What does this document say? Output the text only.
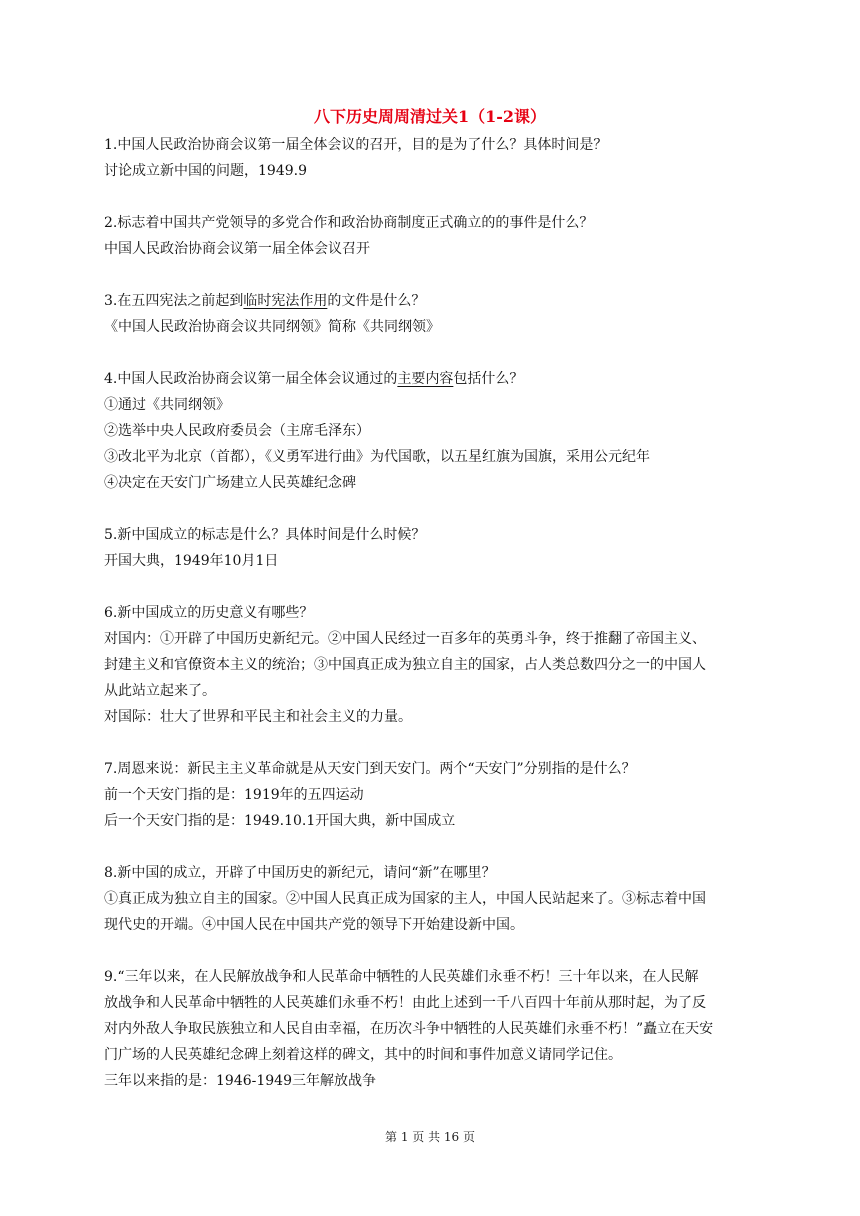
八下历史周周清过关1（1-2课）

1.中国人民政治协商会议第一届全体会议的召开，目的是为了什么？具体时间是？

讨论成立新中国的问题，1949.9

2.标志着中国共产党领导的多党合作和政治协商制度正式确立的的事件是什么？

中国人民政治协商会议第一届全体会议召开

3.在五四宪法之前起到临时宪法作用的文件是什么？

《中国人民政治协商会议共同纲领》简称《共同纲领》

4.中国人民政治协商会议第一届全体会议通过的主要内容包括什么？

①通过《共同纲领》

②选举中央人民政府委员会（主席毛泽东）

③改北平为北京（首都），《义勇军进行曲》为代国歌，以五星红旗为国旗，采用公元纪年

④决定在天安门广场建立人民英雄纪念碑

5.新中国成立的标志是什么？具体时间是什么时候？

开国大典，1949年10月1日

6.新中国成立的历史意义有哪些？

对国内：①开辟了中国历史新纪元。②中国人民经过一百多年的英勇斗争，终于推翻了帝国主义、

封建主义和官僚资本主义的统治；③中国真正成为独立自主的国家，占人类总数四分之一的中国人

从此站立起来了。

对国际：壮大了世界和平民主和社会主义的力量。

7.周恩来说：新民主主义革命就是从天安门到天安门。两个“天安门”分别指的是什么？

前一个天安门指的是：1919年的五四运动

后一个天安门指的是：1949.10.1开国大典，新中国成立

8.新中国的成立，开辟了中国历史的新纪元，请问“新”在哪里？

①真正成为独立自主的国家。②中国人民真正成为国家的主人，中国人民站起来了。③标志着中国

现代史的开端。④中国人民在中国共产党的领导下开始建设新中国。

9.“三年以来，在人民解放战争和人民革命中牺牲的人民英雄们永垂不朽！三十年以来，在人民解

放战争和人民革命中牺牲的人民英雄们永垂不朽！由此上述到一千八百四十年前从那时起，为了反

对内外敌人争取民族独立和人民自由幸福，在历次斗争中牺牲的人民英雄们永垂不朽！”矗立在天安

门广场的人民英雄纪念碑上刻着这样的碑文，其中的时间和事件加意义请同学记住。

三年以来指的是：1946-1949三年解放战争

第 1 页 共 16 页
